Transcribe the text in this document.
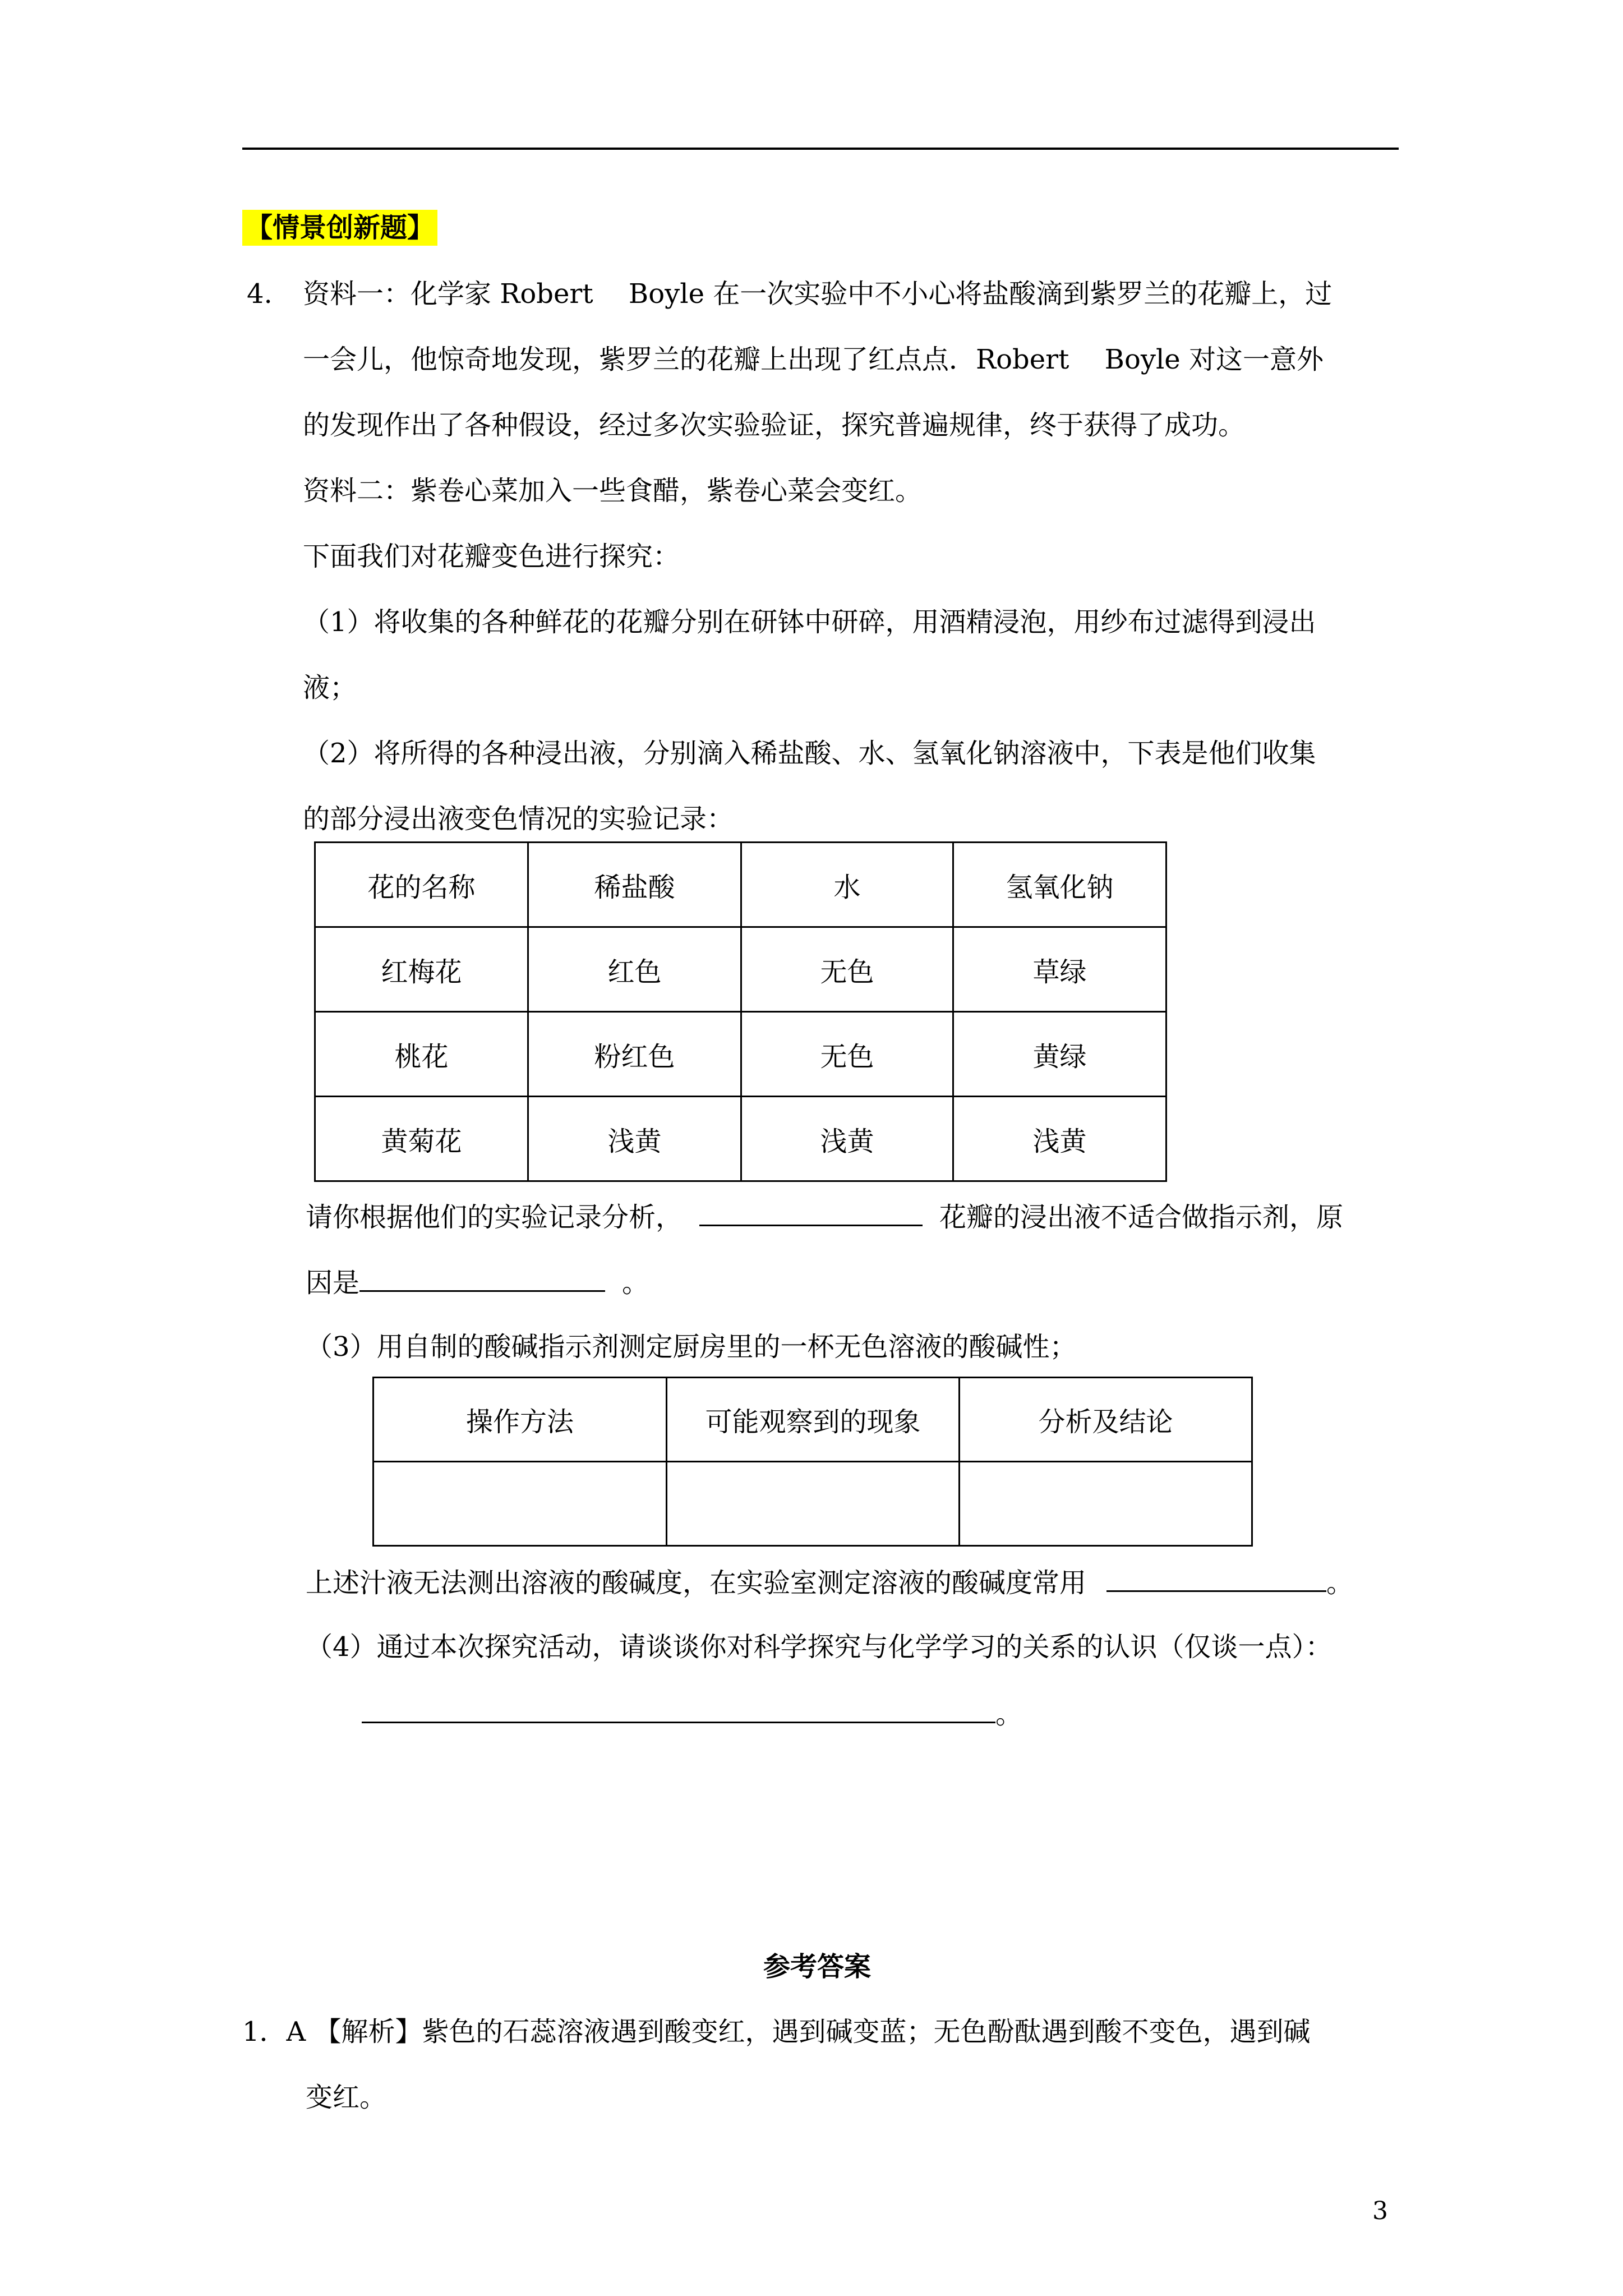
【情景创新题】
4. 资料一：化学家 Robert　 Boyle 在一次实验中不小心将盐酸滴到紫罗兰的花瓣上，过
一会儿，他惊奇地发现，紫罗兰的花瓣上出现了红点点．Robert　 Boyle 对这一意外
的发现作出了各种假设，经过多次实验验证，探究普遍规律，终于获得了成功。
资料二：紫卷心菜加入一些食醋，紫卷心菜会变红。
下面我们对花瓣变色进行探究：
（1）将收集的各种鲜花的花瓣分别在研钵中研碎，用酒精浸泡，用纱布过滤得到浸出
液；
（2）将所得的各种浸出液，分别滴入稀盐酸、水、氢氧化钠溶液中，下表是他们收集
的部分浸出液变色情况的实验记录：
花的名称	稀盐酸	水	氢氧化钠
红梅花	红色	无色	草绿
桃花	粉红色	无色	黄绿
黄菊花	浅黄	浅黄	浅黄
请你根据他们的实验记录分析，	花瓣的浸出液不适合做指示剂，原
因是	。
（3）用自制的酸碱指示剂测定厨房里的一杯无色溶液的酸碱性；
操作方法	可能观察到的现象	分析及结论

上述汁液无法测出溶液的酸碱度，在实验室测定溶液的酸碱度常用	。
（4）通过本次探究活动，请谈谈你对科学探究与化学学习的关系的认识（仅谈一点）：
。
参考答案
1．A 【解析】紫色的石蕊溶液遇到酸变红，遇到碱变蓝；无色酚酞遇到酸不变色，遇到碱
变红。
3
